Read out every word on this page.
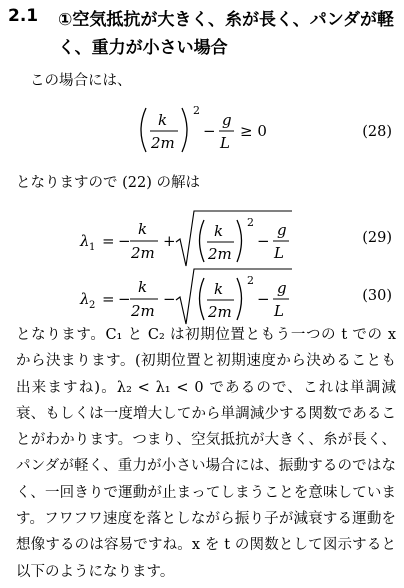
2.1 ①空気抵抗が大きく、糸が長く、パンダが軽く、重力が小さい場合
この場合には、
k
2m
2
−
g
L
≥ 0	(28)
となりますので (22) の解は
λ 1 = −
k
2m
+
k
2m
2
−
g
L
(29)
λ 2 = −
k
2m
−
k
2m
2
−
g
L
(30)
となります。C₁ と C₂ は初期位置ともう一つの t での x から決まります。(初期位置と初期速度から決めることも出来ますね)。λ₂ < λ₁ < 0 であるので、これは単調減衰、もしくは一度増大してから単調減少する関数であることがわかります。つまり、空気抵抗が大きく、糸が長く、パンダが軽く、重力が小さい場合には、振動するのではなく、一回きりで運動が止まってしまうことを意味しています。フワフワ速度を落としながら振り子が減衰する運動を想像するのは容易ですね。x を t の関数として図示すると以下のようになります。
